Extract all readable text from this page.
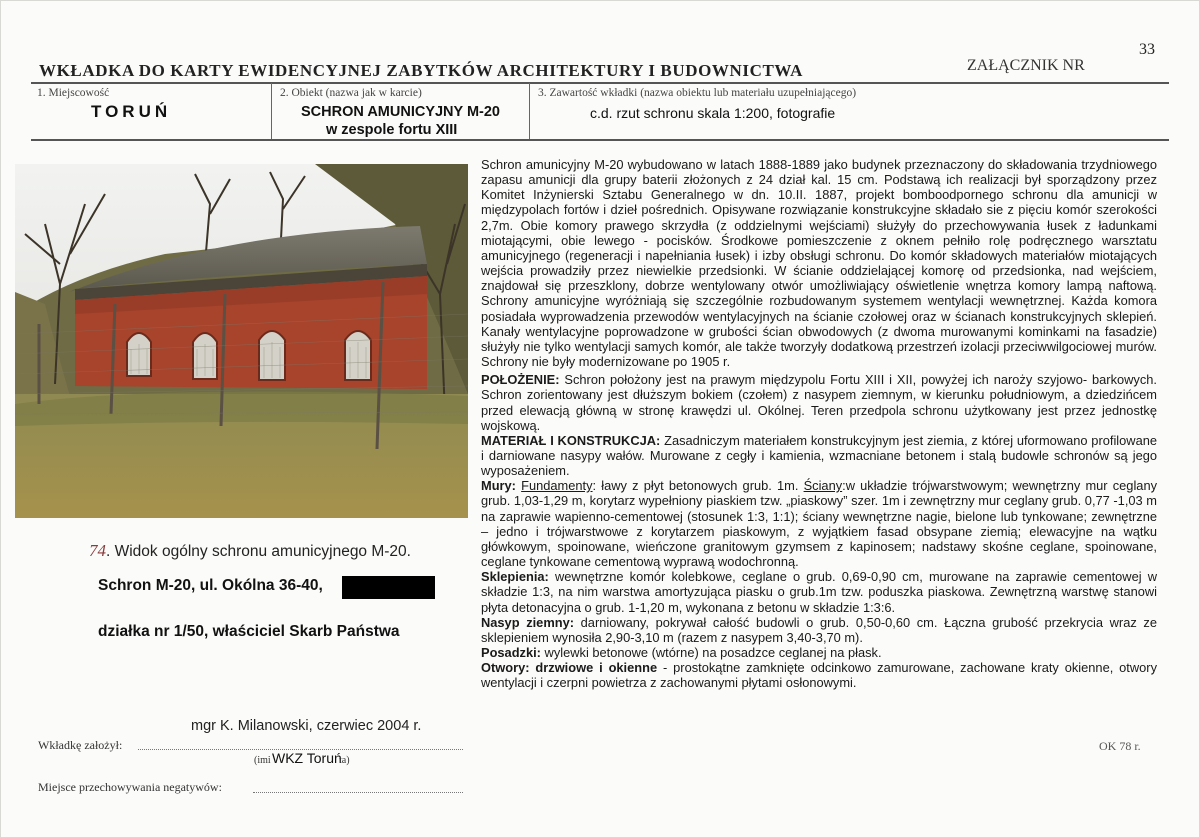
33
WKŁADKA DO KARTY EWIDENCYJNEJ ZABYTKÓW ARCHITEKTURY I BUDOWNICTWA	ZAŁĄCZNIK NR
1. Miejscowość
TORUŃ
2. Obiekt (nazwa jak w karcie)
SCHRON AMUNICYJNY M-20
w zespole fortu XIII
3. Zawartość wkładki (nazwa obiektu lub materiału uzupełniającego)
c.d. rzut schronu skala 1:200, fotografie
74. Widok ogólny schronu amunicyjnego M-20.
Schron M-20, ul. Okólna 36-40,
działka nr 1/50, właściciel Skarb Państwa
mgr K. Milanowski, czerwiec 2004 r.
Wkładkę założył:
(imi WKZ Toruń
ta)
Miejsce przechowywania negatywów:

Schron amunicyjny M-20 wybudowano w latach 1888-1889 jako budynek przeznaczony do składowania trzydniowego zapasu amunicji dla grupy baterii złożonych z 24 dział kal. 15 cm. Podstawą ich realizacji był sporządzony przez Komitet Inżynierski Sztabu Generalnego w dn. 10.II. 1887, projekt bomboodpornego schronu dla amunicji w międzypolach fortów i dzieł pośrednich. Opisywane rozwiązanie konstrukcyjne składało sie z pięciu komór szerokości 2,7m. Obie komory prawego skrzydła (z oddzielnymi wejściami) służyły do przechowywania łusek z ładunkami miotającymi, obie lewego - pocisków. Środkowe pomieszczenie z oknem pełniło rolę podręcznego warsztatu amunicyjnego (regeneracji i napełniania łusek) i izby obsługi schronu. Do komór składowych materiałów miotających wejścia prowadziły przez niewielkie przedsionki. W ścianie oddzielającej komorę od przedsionka, nad wejściem, znajdował się przeszklony, dobrze wentylowany otwór umożliwiający oświetlenie wnętrza komory lampą naftową. Schrony amunicyjne wyróżniają się szczególnie rozbudowanym systemem wentylacji wewnętrznej. Każda komora posiadała wyprowadzenia przewodów wentylacyjnych na ścianie czołowej oraz w ścianach konstrukcyjnych sklepień. Kanały wentylacyjne poprowadzone w grubości ścian obwodowych (z dwoma murowanymi kominkami na fasadzie) służyły nie tylko wentylacji samych komór, ale także tworzyły dodatkową przestrzeń izolacji przeciwwilgociowej murów. Schrony nie były modernizowane po 1905 r.

POŁOŻENIE: Schron położony jest na prawym międzypolu Fortu XIII i XII, powyżej ich naroży szyjowo- barkowych. Schron zorientowany jest dłuższym bokiem (czołem) z nasypem ziemnym, w kierunku południowym, a dziedzińcem przed elewacją główną w stronę krawędzi ul. Okólnej. Teren przedpola schronu użytkowany jest przez jednostkę wojskową.

MATERIAŁ I KONSTRUKCJA: Zasadniczym materiałem konstrukcyjnym jest ziemia, z której uformowano profilowane i darniowane nasypy wałów. Murowane z cegły i kamienia, wzmacniane betonem i stalą budowle schronów są jego wyposażeniem.

Mury: Fundamenty: ławy z płyt betonowych grub. 1m. Ściany:w układzie trójwarstwowym; wewnętrzny mur ceglany grub. 1,03-1,29 m, korytarz wypełniony piaskiem tzw. „piaskowy” szer. 1m i zewnętrzny mur ceglany grub. 0,77 -1,03 m na zaprawie wapienno-cementowej (stosunek 1:3, 1:1); ściany wewnętrzne nagie, bielone lub tynkowane; zewnętrzne – jedno i trójwarstwowe z korytarzem piaskowym, z wyjątkiem fasad obsypane ziemią; elewacyjne na wątku główkowym, spoinowane, wieńczone granitowym gzymsem z kapinosem; nadstawy skośne ceglane, spoinowane, ceglane tynkowane cementową wyprawą wodochronną.

Sklepienia: wewnętrzne komór kolebkowe, ceglane o grub. 0,69-0,90 cm, murowane na zaprawie cementowej w składzie 1:3, na nim warstwa amortyzująca piasku o grub.1m tzw. poduszka piaskowa. Zewnętrzną warstwę stanowi płyta detonacyjna o grub. 1-1,20 m, wykonana z betonu w składzie 1:3:6.

Nasyp ziemny: darniowany, pokrywał całość budowli o grub. 0,50-0,60 cm. Łączna grubość przekrycia wraz ze sklepieniem wynosiła 2,90-3,10 m (razem z nasypem 3,40-3,70 m).

Posadzki: wylewki betonowe (wtórne) na posadzce ceglanej na płask.

Otwory: drzwiowe i okienne - prostokątne zamknięte odcinkowo zamurowane, zachowane kraty okienne, otwory wentylacji i czerpni powietrza z zachowanymi płytami osłonowymi.

OK 78 r.
